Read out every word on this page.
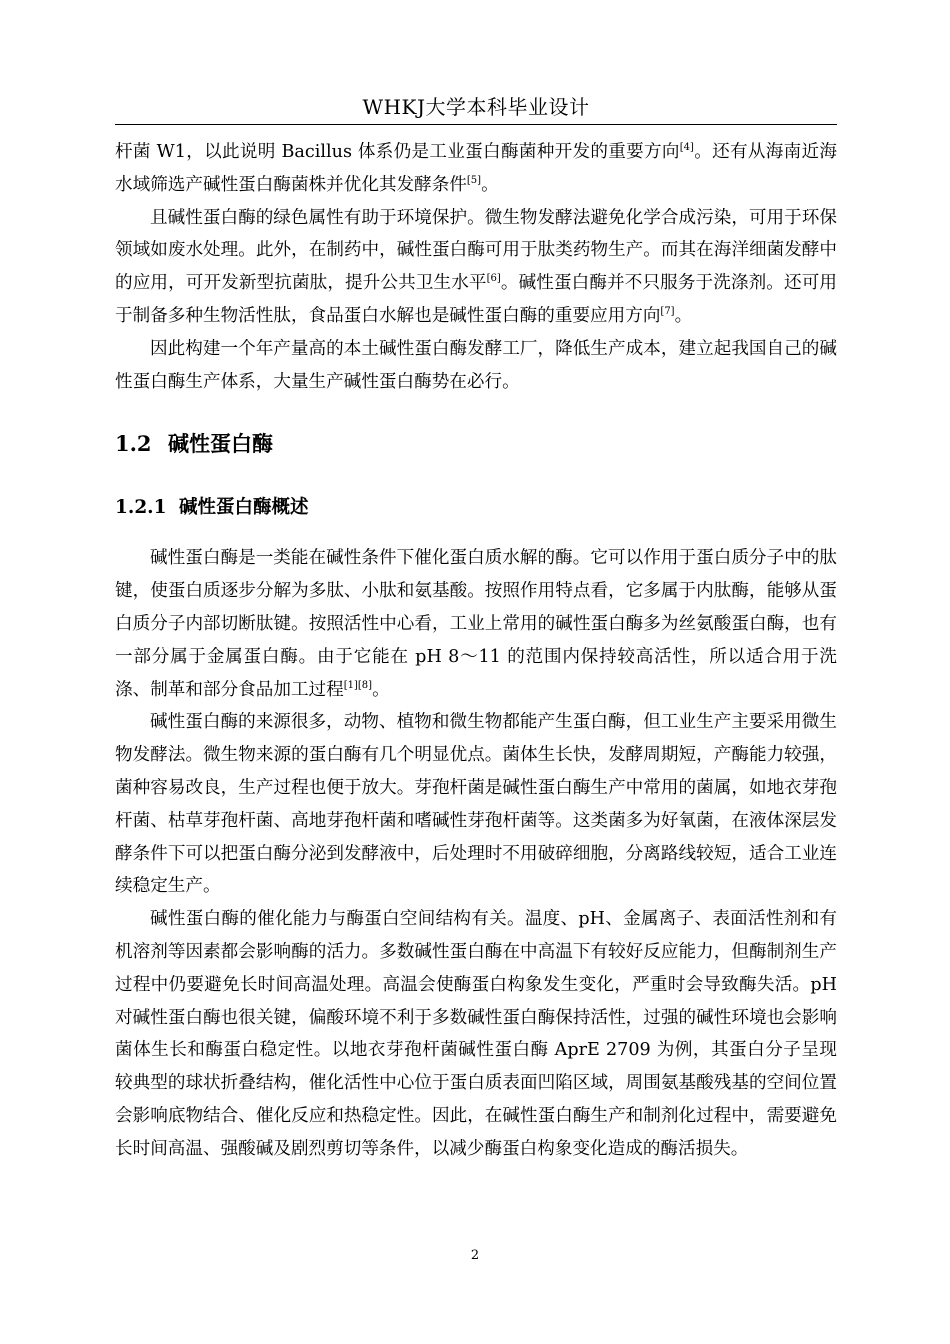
WHKJ大学本科毕业设计

杆菌 W1，以此说明 Bacillus 体系仍是工业蛋白酶菌种开发的重要方向[4]。还有从海南近海水域筛选产碱性蛋白酶菌株并优化其发酵条件[5]。

且碱性蛋白酶的绿色属性有助于环境保护。微生物发酵法避免化学合成污染，可用于环保领域如废水处理。此外，在制药中，碱性蛋白酶可用于肽类药物生产。而其在海洋细菌发酵中的应用，可开发新型抗菌肽，提升公共卫生水平[6]。碱性蛋白酶并不只服务于洗涤剂。还可用于制备多种生物活性肽，食品蛋白水解也是碱性蛋白酶的重要应用方向[7]。

因此构建一个年产量高的本土碱性蛋白酶发酵工厂，降低生产成本，建立起我国自己的碱性蛋白酶生产体系，大量生产碱性蛋白酶势在必行。

1.2 碱性蛋白酶
1.2.1 碱性蛋白酶概述

碱性蛋白酶是一类能在碱性条件下催化蛋白质水解的酶。它可以作用于蛋白质分子中的肽键，使蛋白质逐步分解为多肽、小肽和氨基酸。按照作用特点看，它多属于内肽酶，能够从蛋白质分子内部切断肽键。按照活性中心看，工业上常用的碱性蛋白酶多为丝氨酸蛋白酶，也有一部分属于金属蛋白酶。由于它能在 pH 8～11 的范围内保持较高活性，所以适合用于洗涤、制革和部分食品加工过程[1][8]。

碱性蛋白酶的来源很多，动物、植物和微生物都能产生蛋白酶，但工业生产主要采用微生物发酵法。微生物来源的蛋白酶有几个明显优点。菌体生长快，发酵周期短，产酶能力较强，菌种容易改良，生产过程也便于放大。芽孢杆菌是碱性蛋白酶生产中常用的菌属，如地衣芽孢杆菌、枯草芽孢杆菌、高地芽孢杆菌和嗜碱性芽孢杆菌等。这类菌多为好氧菌，在液体深层发酵条件下可以把蛋白酶分泌到发酵液中，后处理时不用破碎细胞，分离路线较短，适合工业连续稳定生产。

碱性蛋白酶的催化能力与酶蛋白空间结构有关。温度、pH、金属离子、表面活性剂和有机溶剂等因素都会影响酶的活力。多数碱性蛋白酶在中高温下有较好反应能力，但酶制剂生产过程中仍要避免长时间高温处理。高温会使酶蛋白构象发生变化，严重时会导致酶失活。pH 对碱性蛋白酶也很关键，偏酸环境不利于多数碱性蛋白酶保持活性，过强的碱性环境也会影响菌体生长和酶蛋白稳定性。以地衣芽孢杆菌碱性蛋白酶 AprE 2709 为例，其蛋白分子呈现较典型的球状折叠结构，催化活性中心位于蛋白质表面凹陷区域，周围氨基酸残基的空间位置会影响底物结合、催化反应和热稳定性。因此，在碱性蛋白酶生产和制剂化过程中，需要避免长时间高温、强酸碱及剧烈剪切等条件，以减少酶蛋白构象变化造成的酶活损失。

2
